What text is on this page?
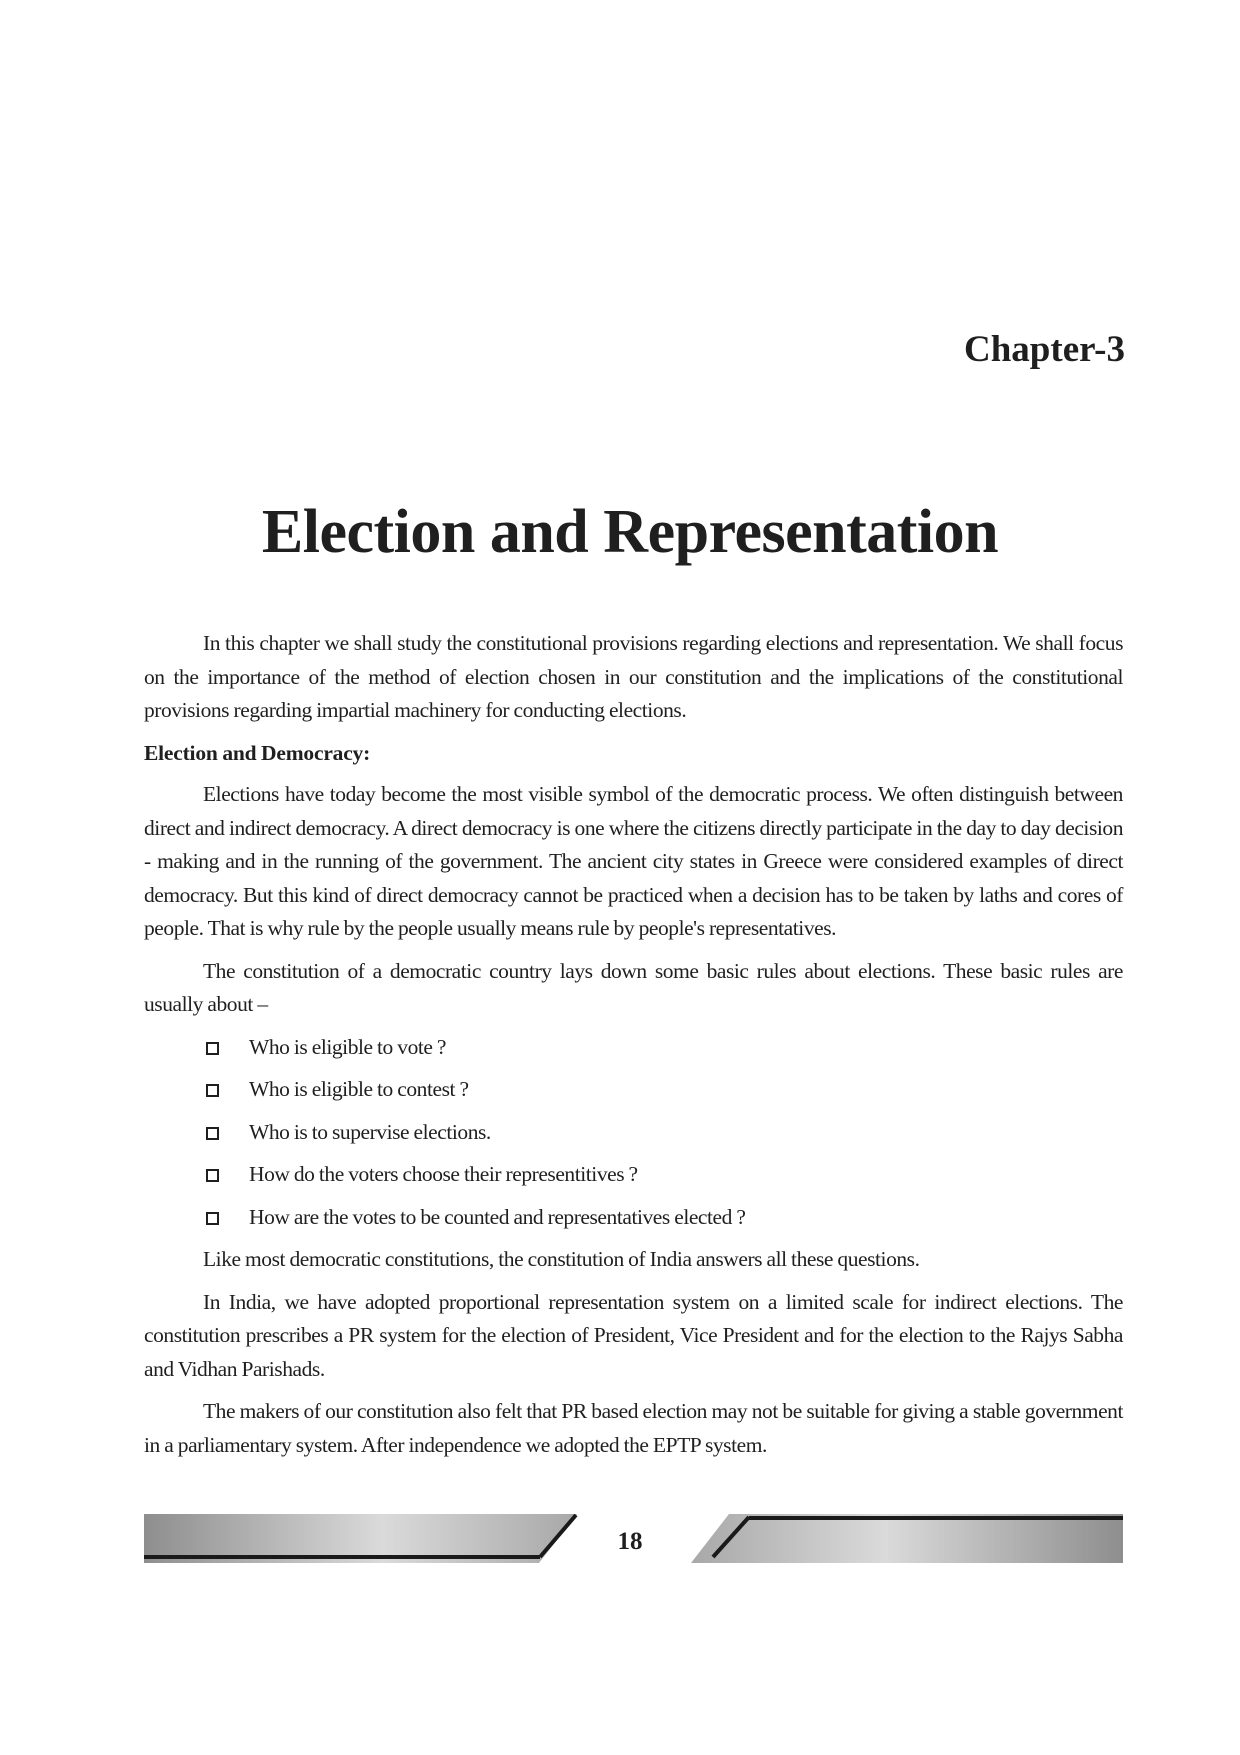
Chapter-3
Election and Representation

In this chapter we shall study the constitutional provisions regarding elections and representation. We shall focus on the importance of the method of election chosen in our constitution and the implications of the constitutional provisions regarding impartial machinery for conducting elections.

Election and Democracy:

Elections have today become the most visible symbol of the democratic process. We often distinguish between direct and indirect democracy. A direct democracy is one where the citizens directly participate in the day to day decision - making and in the running of the government. The ancient city states in Greece were considered examples of direct democracy. But this kind of direct democracy cannot be practiced when a decision has to be taken by laths and cores of people. That is why rule by the people usually means rule by people's representatives.

The constitution of a democratic country lays down some basic rules about elections. These basic rules are usually about –

Who is eligible to vote ?
Who is eligible to contest ?
Who is to supervise elections.
How do the voters choose their representitives ?
How are the votes to be counted and representatives elected ?

Like most democratic constitutions, the constitution of India answers all these questions.

In India, we have adopted proportional representation system on a limited scale for indirect elections. The constitution prescribes a PR system for the election of President, Vice President and for the election to the Rajys Sabha and Vidhan Parishads.

The makers of our constitution also felt that PR based election may not be suitable for giving a stable government in a parliamentary system. After independence we adopted the EPTP system.

18
